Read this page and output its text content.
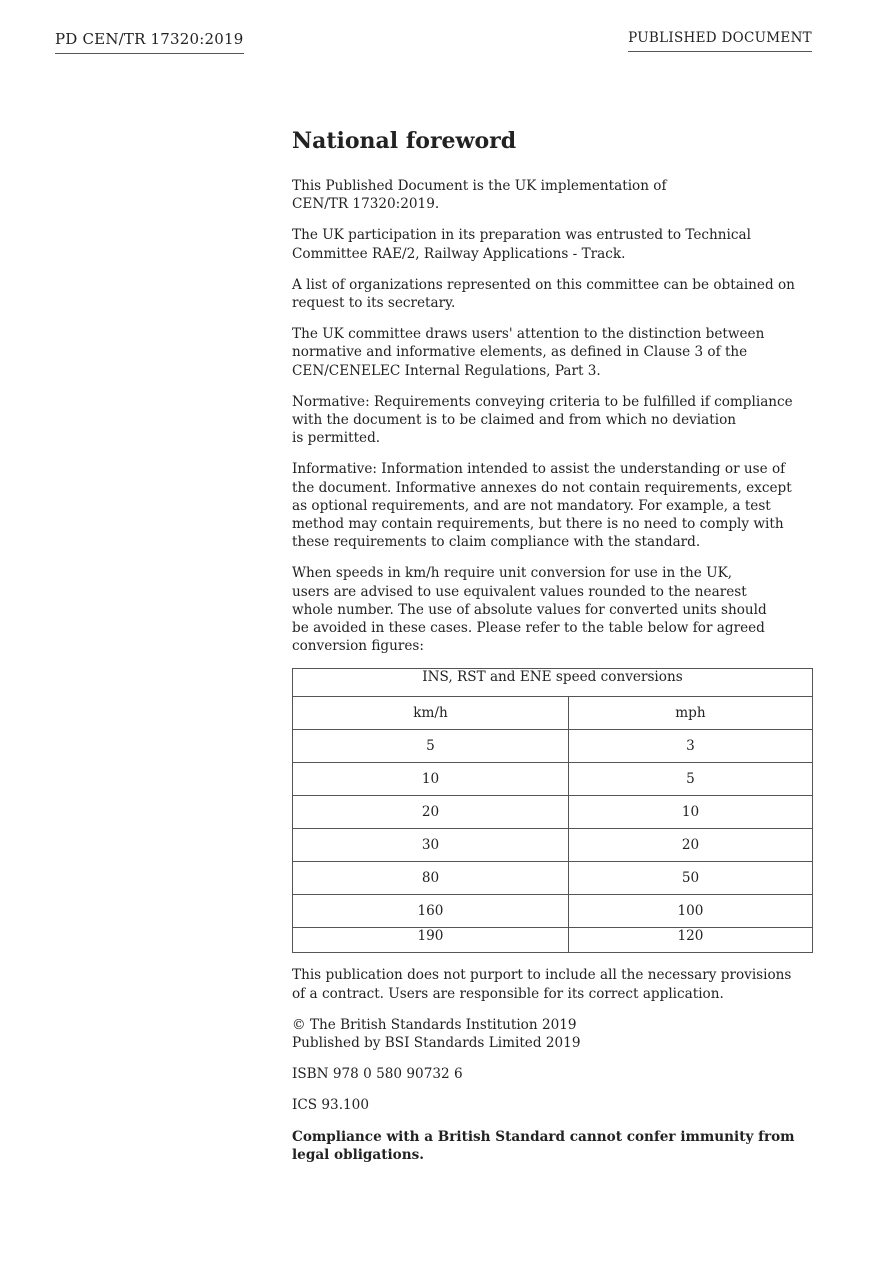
PD CEN/TR 17320:2019	PUBLISHED DOCUMENT
National foreword

This Published Document is the UK implementation of
CEN/TR 17320:2019.

The UK participation in its preparation was entrusted to Technical
Committee RAE/2, Railway Applications - Track.

A list of organizations represented on this committee can be obtained on
request to its secretary.

The UK committee draws users' attention to the distinction between
normative and informative elements, as defined in Clause 3 of the
CEN/CENELEC Internal Regulations, Part 3.

Normative: Requirements conveying criteria to be fulfilled if compliance
with the document is to be claimed and from which no deviation
is permitted.

Informative: Information intended to assist the understanding or use of
the document. Informative annexes do not contain requirements, except
as optional requirements, and are not mandatory. For example, a test
method may contain requirements, but there is no need to comply with
these requirements to claim compliance with the standard.

When speeds in km/h require unit conversion for use in the UK,
users are advised to use equivalent values rounded to the nearest
whole number. The use of absolute values for converted units should
be avoided in these cases. Please refer to the table below for agreed
conversion figures:

INS, RST and ENE speed conversions	
km/h	mph
5	3
10	5
20	10
30	20
80	50
160	100
190	120

This publication does not purport to include all the necessary provisions
of a contract. Users are responsible for its correct application.

© The British Standards Institution 2019
Published by BSI Standards Limited 2019

ISBN 978 0 580 90732 6

ICS 93.100

Compliance with a British Standard cannot confer immunity from
legal obligations.
